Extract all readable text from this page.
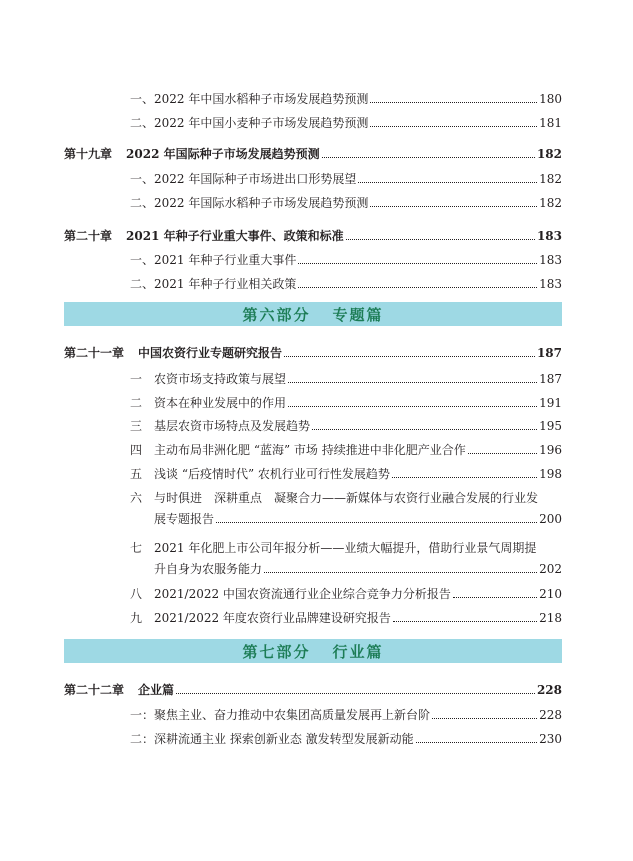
一、2022 年中国水稻种子市场发展趋势预测	180
二、2022 年中国小麦种子市场发展趋势预测	181
第十九章 2022 年国际种子市场发展趋势预测	182
一、2022 年国际种子市场进出口形势展望	182
二、2022 年国际水稻种子市场发展趋势预测	182
第二十章 2021 年种子行业重大事件、政策和标准	183
一、2021 年种子行业重大事件	183
二、2021 年种子行业相关政策	183
第六部分 专题篇
第二十一章 中国农资行业专题研究报告	187
一 农资市场支持政策与展望	187
二 资本在种业发展中的作用	191
三 基层农资市场特点及发展趋势	195
四 主动布局非洲化肥 “蓝海” 市场 持续推进中非化肥产业合作	196
五 浅谈 “后疫情时代” 农机行业可行性发展趋势	198
六 与时俱进　深耕重点　凝聚合力——新媒体与农资行业融合发展的行业发
展专题报告	200
七 2021 年化肥上市公司年报分析——业绩大幅提升，借助行业景气周期提
升自身为农服务能力	202
八 2021/2022 中国农资流通行业企业综合竞争力分析报告	210
九 2021/2022 年度农资行业品牌建设研究报告	218
第七部分 行业篇
第二十二章 企业篇	228
一：聚焦主业、奋力推动中农集团高质量发展再上新台阶	228
二：深耕流通主业 探索创新业态 激发转型发展新动能	230
